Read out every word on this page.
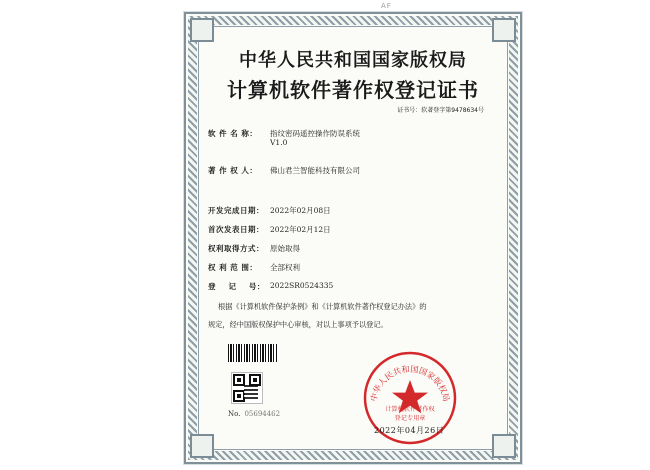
AF
中华人民共和国国家版权局
计算机软件著作权登记证书
证书号：软著登字第9478634号
软 件 名 称：	指纹密码遥控操作防误系统
V1.0
著 作 权 人：	佛山君兰智能科技有限公司
开发完成日期： 2022年02月08日
首次发表日期： 2022年02月12日
权利取得方式： 原始取得
权 利 范 围：	全部权利
登    记    号： 2022SR0524335
根据《计算机软件保护条例》和《计算机软件著作权登记办法》的
规定，经中国版权保护中心审核，对以上事项予以登记。
No. 05694462
中华人民共和国国家版权局
计算机软件著作权
登记专用章
2022年04月26日
